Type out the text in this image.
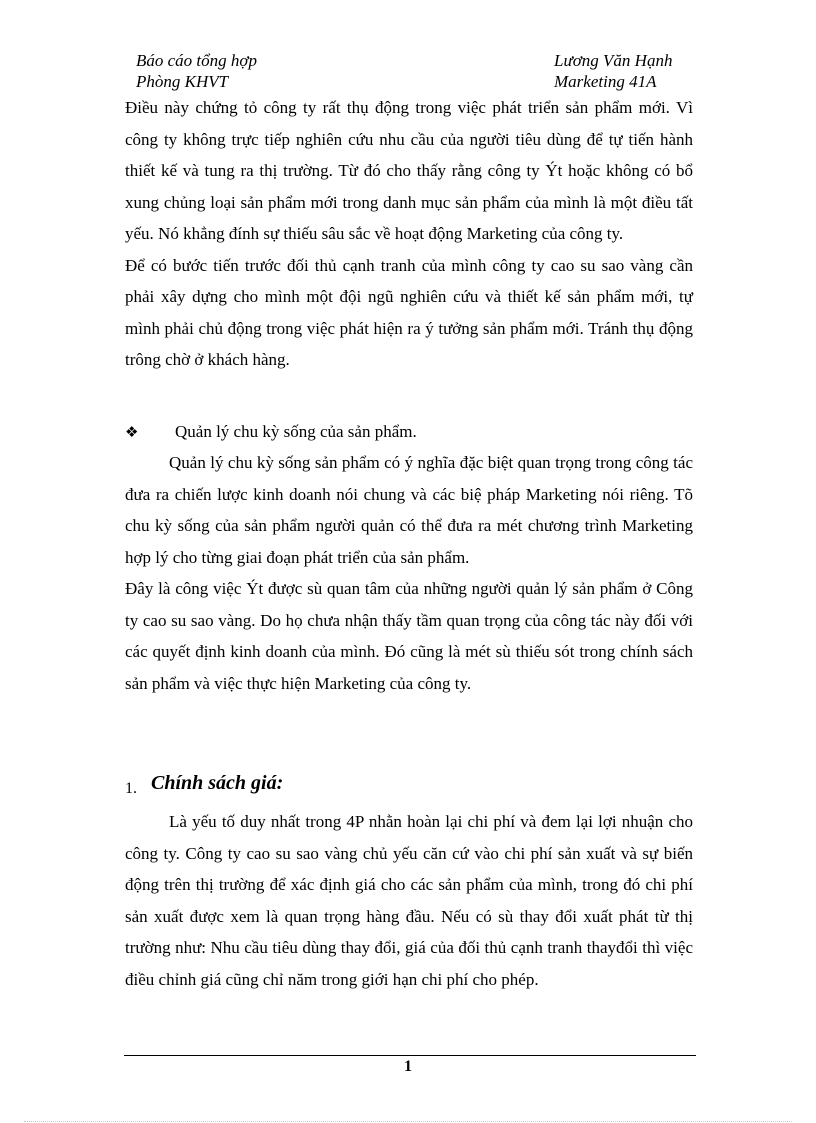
Báo cáo tổng hợp	Lương Văn Hạnh
Phòng KHVT	Marketing 41A

Điều này chứng tỏ công ty rất thụ động trong việc phát triển sản phẩm mới. Vì công ty không trực tiếp nghiên cứu nhu cầu của người tiêu dùng để tự tiến hành thiết kế và tung ra thị trường. Từ đó cho thấy rằng công ty Ýt hoặc không có bổ xung chủng loại sản phẩm mới trong danh mục sản phẩm của mình là một điều tất yếu. Nó khẳng đính sự thiếu sâu sắc về hoạt động Marketing của công ty.

Để có bước tiến trước đối thủ cạnh tranh của mình công ty cao su sao vàng cần phải xây dựng cho mình một đội ngũ nghiên cứu và thiết kế sản phẩm mới, tự mình phải chủ động trong việc phát hiện ra ý tưởng sản phẩm mới. Tránh thụ động trông chờ ở khách hàng.

❖ Quản lý chu kỳ sống của sản phẩm.

Quản lý chu kỳ sống sản phẩm có ý nghĩa đặc biệt quan trọng trong công tác đưa ra chiến lược kinh doanh nói chung và các biệ pháp Marketing nói riêng. Tõ chu kỳ sống của sản phẩm người quản có thể đưa ra mét chương trình Marketing hợp lý cho từng giai đoạn phát triển của sản phẩm.

Đây là công việc Ýt được sù quan tâm của những người quản lý sản phẩm ở Công ty cao su sao vàng. Do họ chưa nhận thấy tầm quan trọng của công tác này đối với các quyết định kinh doanh của mình. Đó cũng là mét sù thiếu sót trong chính sách sản phẩm và việc thực hiện Marketing của công ty.

1. Chính sách giá:

Là yếu tố duy nhất trong 4P nhằn hoàn lại chi phí và đem lại lợi nhuận cho công ty. Công ty cao su sao vàng chủ yếu căn cứ vào chi phí sản xuất và sự biến động trên thị trường để xác định giá cho các sản phẩm của mình, trong đó chi phí sản xuất được xem là quan trọng hàng đầu. Nếu có sù thay đổi xuất phát từ thị trường như: Nhu cầu tiêu dùng thay đổi, giá của đối thủ cạnh tranh thayđổi thì việc điều chỉnh giá cũng chỉ năm trong giới hạn chi phí cho phép.

1
